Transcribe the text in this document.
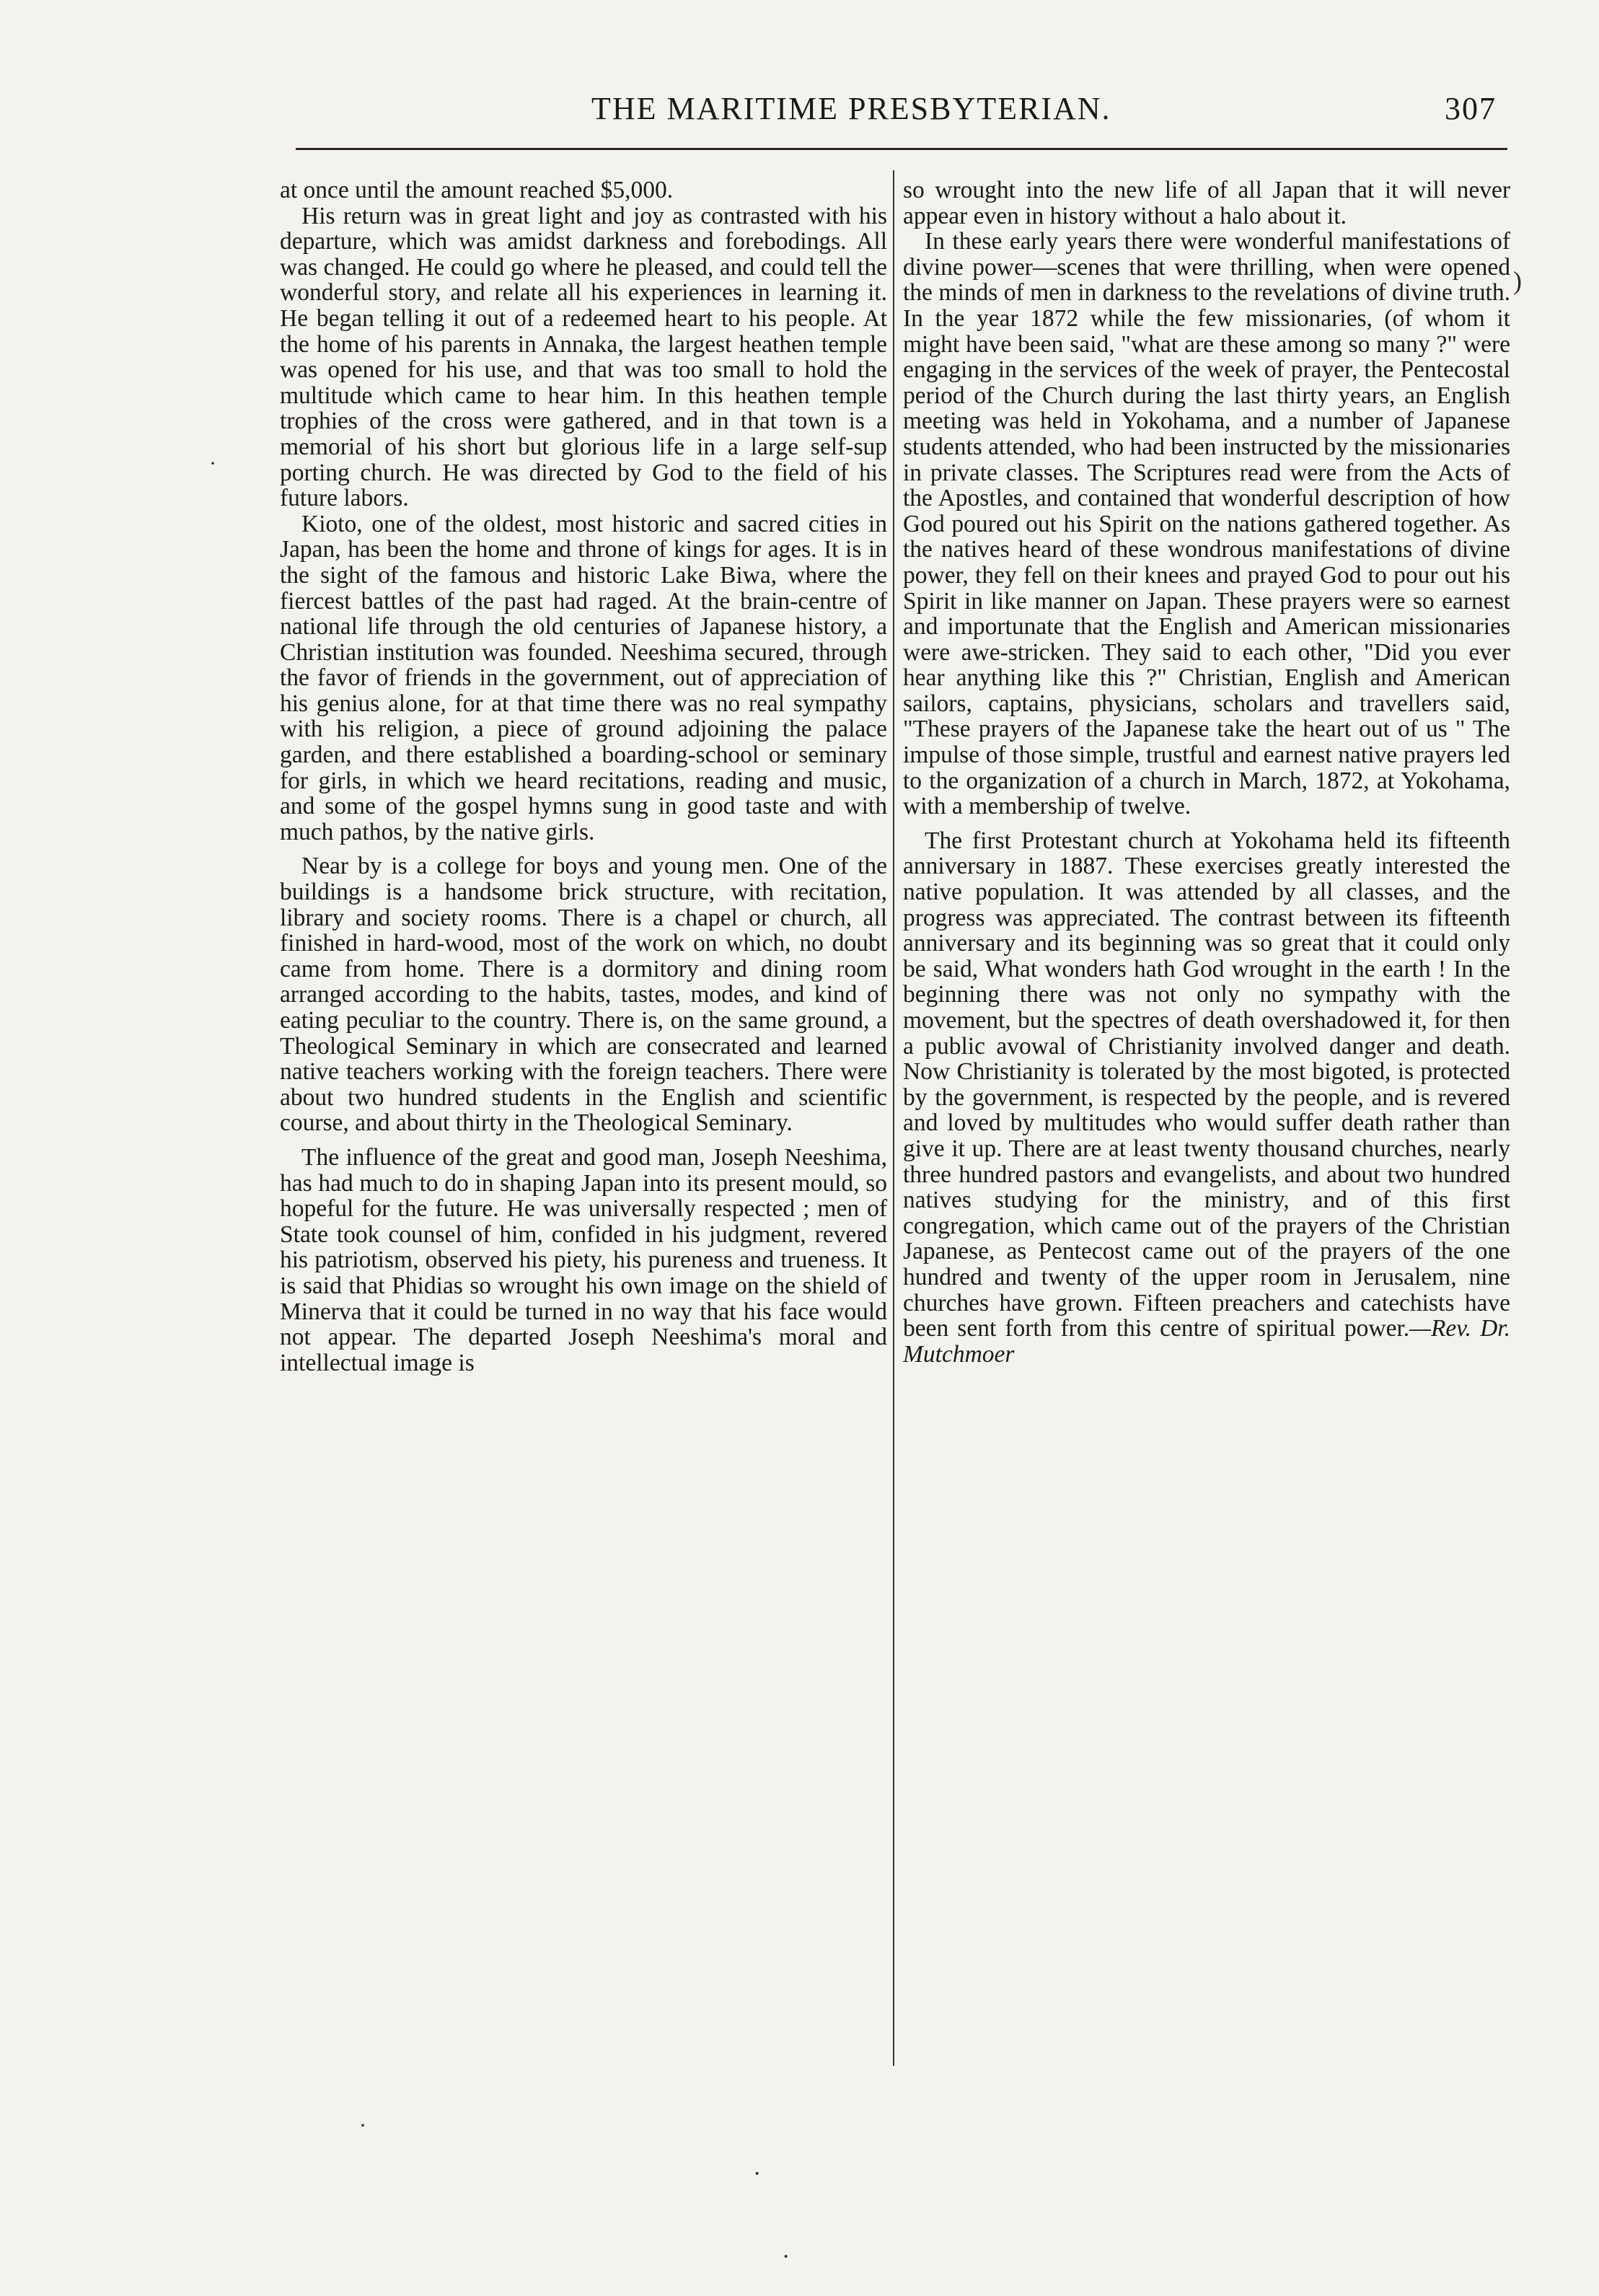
THE MARITIME PRESBYTERIAN.	307

at once until the amount reached $5,000.

His return was in great light and joy as contrasted with his departure, which was amidst darkness and forebodings. All was changed. He could go where he pleased, and could tell the wonderful story, and relate all his experiences in learning it. He began telling it out of a redeemed heart to his people. At the home of his parents in Annaka, the largest heathen temple was opened for his use, and that was too small to hold the multitude which came to hear him. In this heathen temple trophies of the cross were gathered, and in that town is a memorial of his short but glorious life in a large self-sup porting church. He was directed by God to the field of his future labors.

Kioto, one of the oldest, most historic and sacred cities in Japan, has been the home and throne of kings for ages. It is in the sight of the famous and historic Lake Biwa, where the fiercest battles of the past had raged. At the brain-centre of national life through the old centuries of Japanese history, a Christian institution was founded. Neeshima secured, through the favor of friends in the government, out of appreciation of his genius alone, for at that time there was no real sympathy with his religion, a piece of ground adjoining the palace garden, and there established a boarding-school or seminary for girls, in which we heard recitations, reading and music, and some of the gospel hymns sung in good taste and with much pathos, by the native girls.

Near by is a college for boys and young men. One of the buildings is a handsome brick structure, with recitation, library and society rooms. There is a chapel or church, all finished in hard-wood, most of the work on which, no doubt came from home. There is a dormitory and dining room arranged according to the habits, tastes, modes, and kind of eating peculiar to the country. There is, on the same ground, a Theological Seminary in which are consecrated and learned native teachers working with the foreign teachers. There were about two hundred students in the English and scientific course, and about thirty in the Theological Seminary.

The influence of the great and good man, Joseph Neeshima, has had much to do in shaping Japan into its present mould, so hopeful for the future. He was universally respected ; men of State took counsel of him, confided in his judgment, revered his patriotism, observed his piety, his pureness and trueness. It is said that Phidias so wrought his own image on the shield of Minerva that it could be turned in no way that his face would not appear. The departed Joseph Neeshima's moral and intellectual image is

so wrought into the new life of all Japan that it will never appear even in history without a halo about it.

In these early years there were wonderful manifestations of divine power—scenes that were thrilling, when were opened the minds of men in darkness to the revelations of divine truth. In the year 1872 while the few missionaries, (of whom it might have been said, "what are these among so many ?" were engaging in the services of the week of prayer, the Pentecostal period of the Church during the last thirty years, an English meeting was held in Yokohama, and a number of Japanese students attended, who had been instructed by the missionaries in private classes. The Scriptures read were from the Acts of the Apostles, and contained that wonderful description of how God poured out his Spirit on the nations gathered together. As the natives heard of these wondrous manifestations of divine power, they fell on their knees and prayed God to pour out his Spirit in like manner on Japan. These prayers were so earnest and importunate that the English and American missionaries were awe-stricken. They said to each other, "Did you ever hear anything like this ?" Christian, English and American sailors, captains, physicians, scholars and travellers said, "These prayers of the Japanese take the heart out of us " The impulse of those simple, trustful and earnest native prayers led to the organization of a church in March, 1872, at Yokohama, with a membership of twelve.

The first Protestant church at Yokohama held its fifteenth anniversary in 1887. These exercises greatly interested the native population. It was attended by all classes, and the progress was appreciated. The contrast between its fifteenth anniversary and its beginning was so great that it could only be said, What wonders hath God wrought in the earth ! In the beginning there was not only no sympathy with the movement, but the spectres of death overshadowed it, for then a public avowal of Christianity involved danger and death. Now Christianity is tolerated by the most bigoted, is protected by the government, is respected by the people, and is revered and loved by multitudes who would suffer death rather than give it up. There are at least twenty thousand churches, nearly three hundred pastors and evangelists, and about two hundred natives studying for the ministry, and of this first congregation, which came out of the prayers of the Christian Japanese, as Pentecost came out of the prayers of the one hundred and twenty of the upper room in Jerusalem, nine churches have grown. Fifteen preachers and catechists have been sent forth from this centre of spiritual power.—Rev. Dr. Mutchmoer

)
·
·
·
·
